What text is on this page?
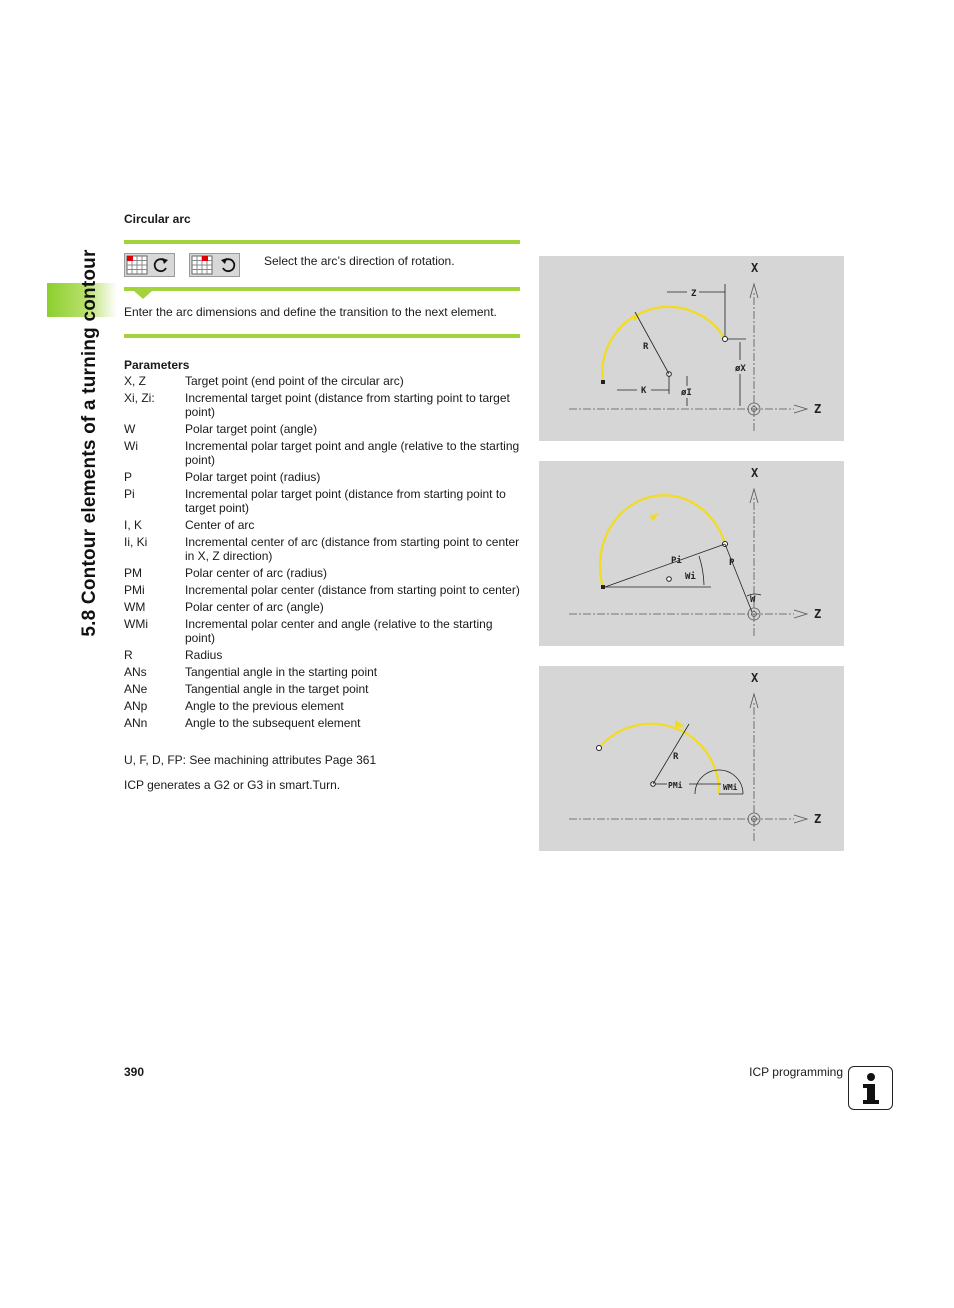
5.8 Contour elements of a turning contour
Circular arc
Select the arc’s direction of rotation.
Enter the arc dimensions and define the transition to the next element.
Parameters
X, Z	Target point (end point of the circular arc)
Xi, Zi:	Incremental target point (distance from starting point to target point)
W	Polar target point (angle)
Wi	Incremental polar target point and angle (relative to the starting point)
P	Polar target point (radius)
Pi	Incremental polar target point (distance from starting point to target point)
I, K	Center of arc
Ii, Ki	Incremental center of arc (distance from starting point to center in X, Z direction)
PM	Polar center of arc (radius)
PMi	Incremental polar center (distance from starting point to center)
WM	Polar center of arc (angle)
WMi	Incremental polar center and angle (relative to the starting point)
R	Radius
ANs	Tangential angle in the starting point
ANe	Tangential angle in the target point
ANp	Angle to the previous element
ANn	Angle to the subsequent element
U, F, D, FP: See machining attributes Page 361
ICP generates a G2 or G3 in smart.Turn.
Z
X
R
K	øI
Z
øX
Z
X
Pi
Wi
P
W
Z
X
R
PMi	WMi
390	ICP programming
